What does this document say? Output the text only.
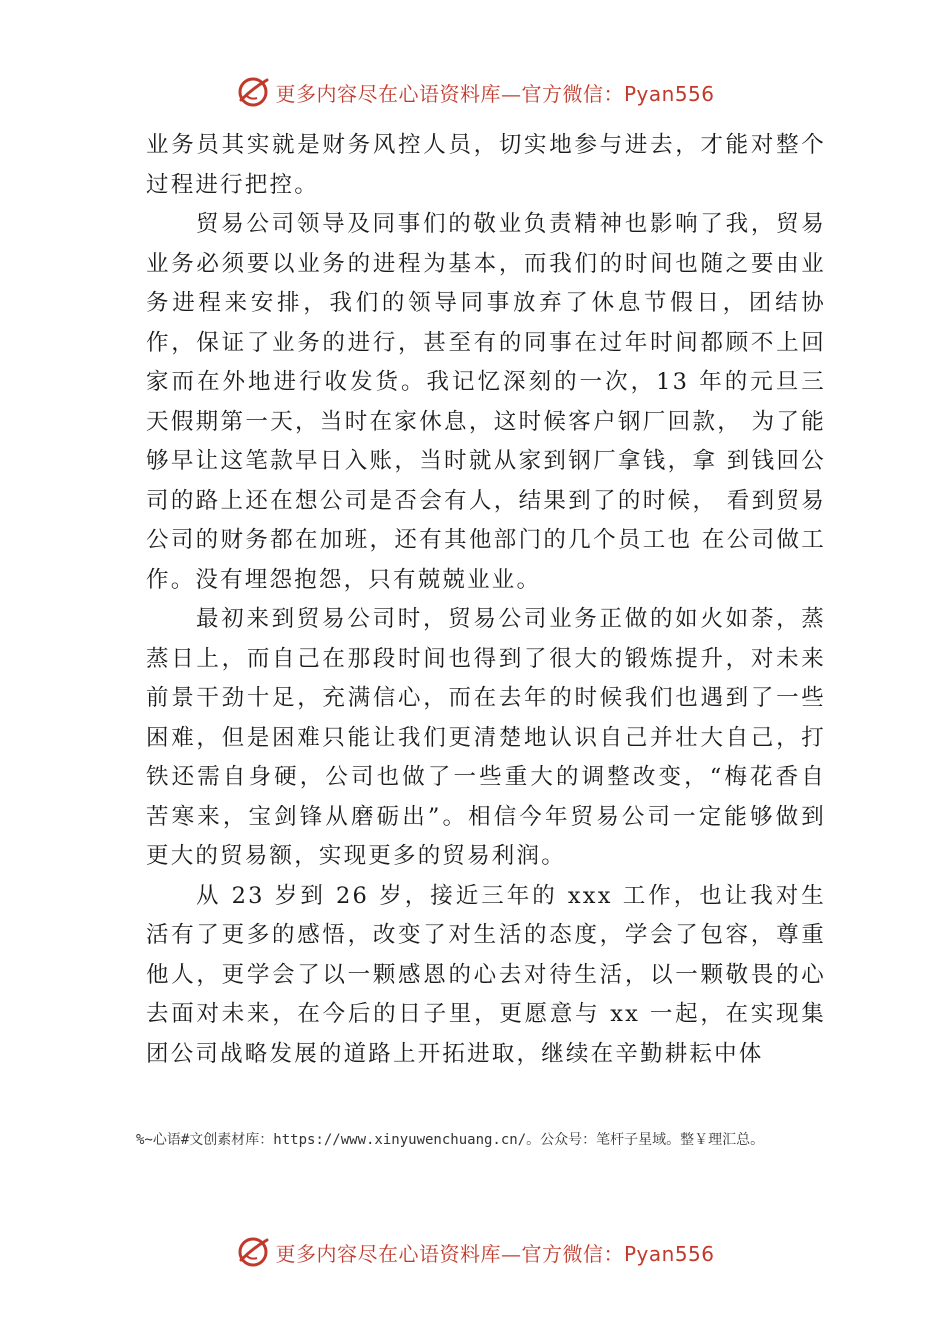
更多内容尽在心语资料库—官方微信：Pyan556

业务员其实就是财务风控人员，切实地参与进去，才能对整个过程进行把控。

贸易公司领导及同事们的敬业负责精神也影响了我，贸易业务必须要以业务的进程为基本，而我们的时间也随之要由业务进程来安排，我们的领导同事放弃了休息节假日，团结协作，保证了业务的进行，甚至有的同事在过年时间都顾不上回家而在外地进行收发货。我记忆深刻的一次，13 年的元旦三天假期第一天，当时在家休息，这时候客户钢厂回款， 为了能够早让这笔款早日入账，当时就从家到钢厂拿钱，拿 到钱回公司的路上还在想公司是否会有人，结果到了的时候， 看到贸易公司的财务都在加班，还有其他部门的几个员工也 在公司做工作。没有埋怨抱怨，只有兢兢业业。

最初来到贸易公司时，贸易公司业务正做的如火如荼，蒸蒸日上，而自己在那段时间也得到了很大的锻炼提升，对未来前景干劲十足，充满信心，而在去年的时候我们也遇到了一些困难，但是困难只能让我们更清楚地认识自己并壮大自己，打铁还需自身硬，公司也做了一些重大的调整改变，“梅花香自苦寒来，宝剑锋从磨砺出”。相信今年贸易公司一定能够做到更大的贸易额，实现更多的贸易利润。

从 23 岁到 26 岁，接近三年的 xxx 工作，也让我对生活有了更多的感悟，改变了对生活的态度，学会了包容，尊重他人，更学会了以一颗感恩的心去对待生活，以一颗敬畏的心去面对未来，在今后的日子里，更愿意与 xx 一起，在实现集团公司战略发展的道路上开拓进取，继续在辛勤耕耘中体

%~心语#文创素材库：https://www.xinyuwenchuang.cn/。公众号：笔杆子星域。整￥理汇总。
更多内容尽在心语资料库—官方微信：Pyan556
